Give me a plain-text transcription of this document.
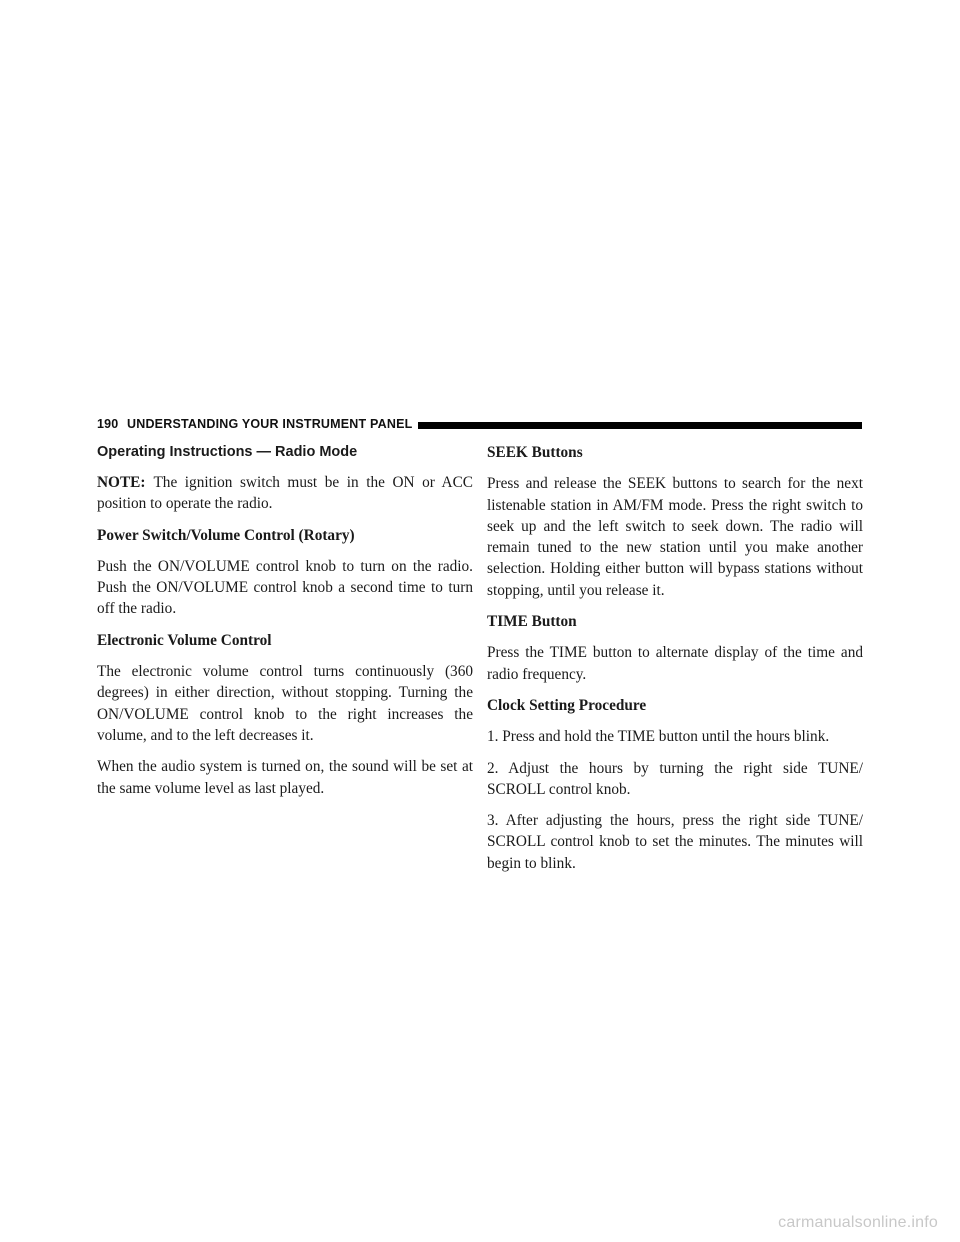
190 UNDERSTANDING YOUR INSTRUMENT PANEL
Operating Instructions — Radio Mode

NOTE: The ignition switch must be in the ON or ACC position to operate the radio.

Power Switch/Volume Control (Rotary)

Push the ON/VOLUME control knob to turn on the radio. Push the ON/VOLUME control knob a second time to turn off the radio.

Electronic Volume Control

The electronic volume control turns continuously (360 degrees) in either direction, without stopping. Turning the ON/VOLUME control knob to the right increases the volume, and to the left decreases it.

When the audio system is turned on, the sound will be set at the same volume level as last played.

SEEK Buttons

Press and release the SEEK buttons to search for the next listenable station in AM/FM mode. Press the right switch to seek up and the left switch to seek down. The radio will remain tuned to the new station until you make another selection. Holding either button will bypass stations without stopping, until you release it.

TIME Button

Press the TIME button to alternate display of the time and radio frequency.

Clock Setting Procedure

1. Press and hold the TIME button until the hours blink.

2. Adjust the hours by turning the right side TUNE/ SCROLL control knob.

3. After adjusting the hours, press the right side TUNE/ SCROLL control knob to set the minutes. The minutes will begin to blink.

carmanualsonline.info
